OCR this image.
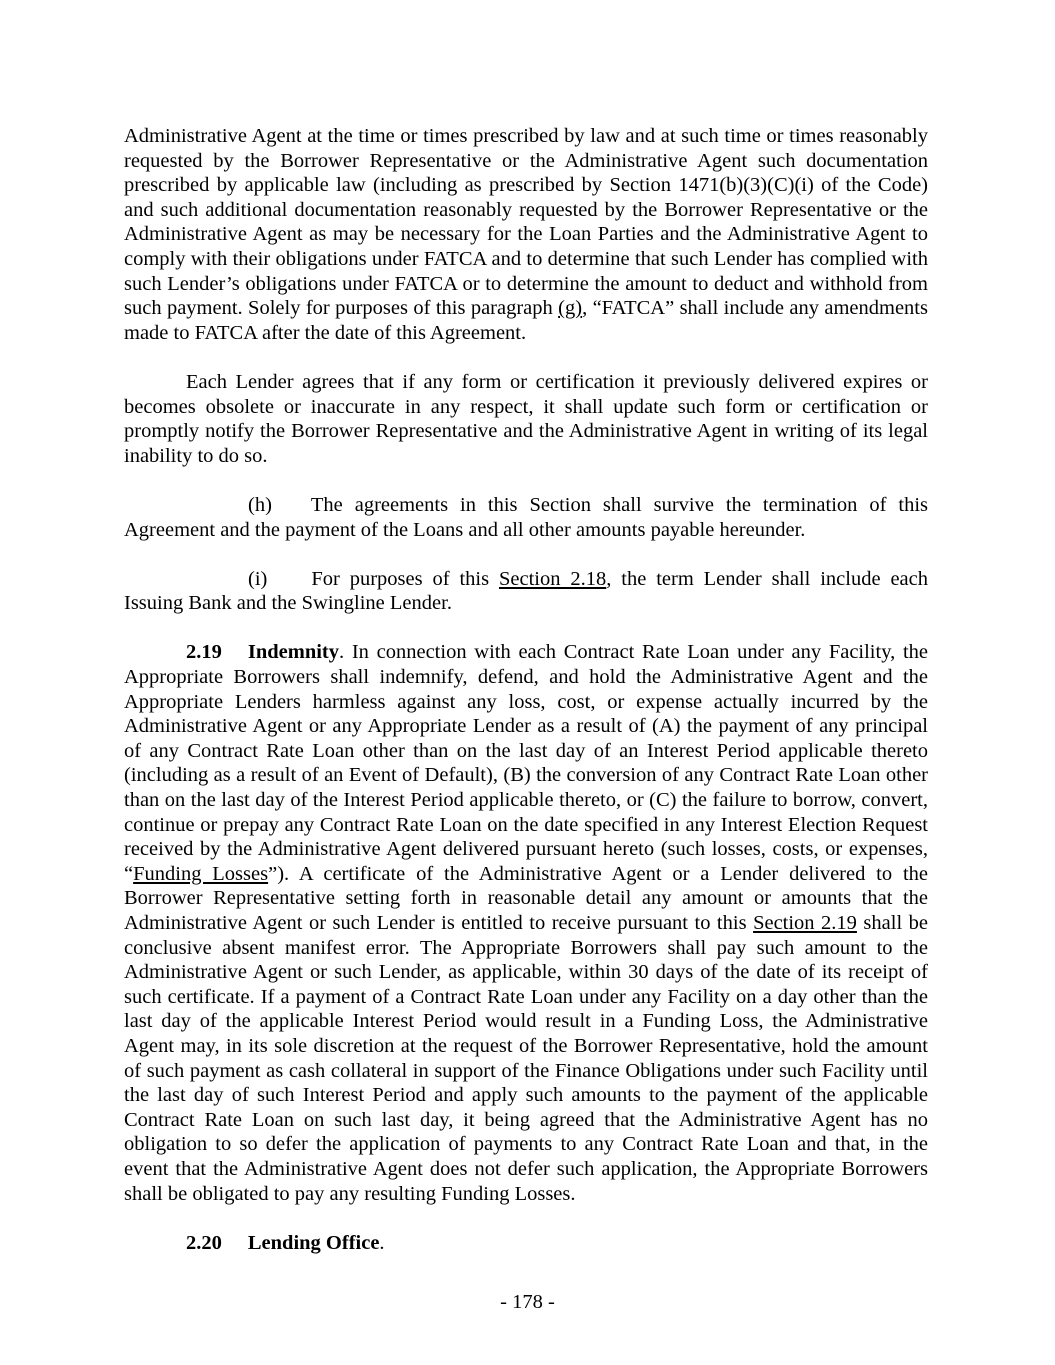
Administrative Agent at the time or times prescribed by law and at such time or times reasonably requested by the Borrower Representative or the Administrative Agent such documentation prescribed by applicable law (including as prescribed by Section 1471(b)(3)(C)(i) of the Code) and such additional documentation reasonably requested by the Borrower Representative or the Administrative Agent as may be necessary for the Loan Parties and the Administrative Agent to comply with their obligations under FATCA and to determine that such Lender has complied with such Lender’s obligations under FATCA or to determine the amount to deduct and withhold from such payment. Solely for purposes of this paragraph (g), “FATCA” shall include any amendments made to FATCA after the date of this Agreement.

Each Lender agrees that if any form or certification it previously delivered expires or becomes obsolete or inaccurate in any respect, it shall update such form or certification or promptly notify the Borrower Representative and the Administrative Agent in writing of its legal inability to do so.

(h) The agreements in this Section shall survive the termination of this Agreement and the payment of the Loans and all other amounts payable hereunder.

(i) For purposes of this Section 2.18, the term Lender shall include each Issuing Bank and the Swingline Lender.

2.19 Indemnity. In connection with each Contract Rate Loan under any Facility, the Appropriate Borrowers shall indemnify, defend, and hold the Administrative Agent and the Appropriate Lenders harmless against any loss, cost, or expense actually incurred by the Administrative Agent or any Appropriate Lender as a result of (A) the payment of any principal of any Contract Rate Loan other than on the last day of an Interest Period applicable thereto (including as a result of an Event of Default), (B) the conversion of any Contract Rate Loan other than on the last day of the Interest Period applicable thereto, or (C) the failure to borrow, convert, continue or prepay any Contract Rate Loan on the date specified in any Interest Election Request received by the Administrative Agent delivered pursuant hereto (such losses, costs, or expenses, “Funding Losses”). A certificate of the Administrative Agent or a Lender delivered to the Borrower Representative setting forth in reasonable detail any amount or amounts that the Administrative Agent or such Lender is entitled to receive pursuant to this Section 2.19 shall be conclusive absent manifest error. The Appropriate Borrowers shall pay such amount to the Administrative Agent or such Lender, as applicable, within 30 days of the date of its receipt of such certificate. If a payment of a Contract Rate Loan under any Facility on a day other than the last day of the applicable Interest Period would result in a Funding Loss, the Administrative Agent may, in its sole discretion at the request of the Borrower Representative, hold the amount of such payment as cash collateral in support of the Finance Obligations under such Facility until the last day of such Interest Period and apply such amounts to the payment of the applicable Contract Rate Loan on such last day, it being agreed that the Administrative Agent has no obligation to so defer the application of payments to any Contract Rate Loan and that, in the event that the Administrative Agent does not defer such application, the Appropriate Borrowers shall be obligated to pay any resulting Funding Losses.

2.20 Lending Office.

- 178 -
